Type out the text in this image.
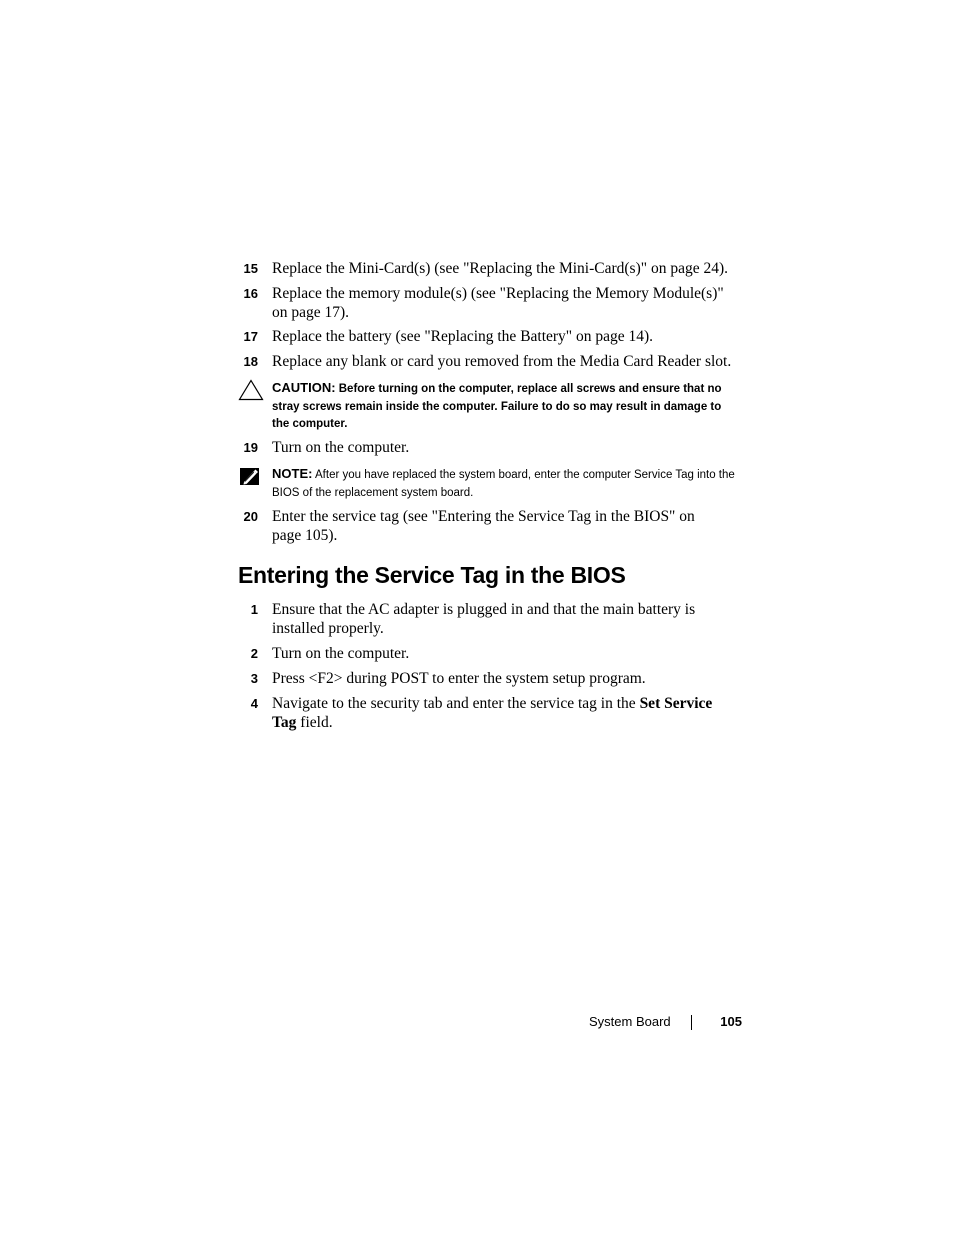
15 Replace the Mini-Card(s) (see "Replacing the Mini-Card(s)" on page 24).
16 Replace the memory module(s) (see "Replacing the Memory Module(s)" on page 17).
17 Replace the battery (see "Replacing the Battery" on page 14).
18 Replace any blank or card you removed from the Media Card Reader slot.
CAUTION: Before turning on the computer, replace all screws and ensure that no stray screws remain inside the computer. Failure to do so may result in damage to the computer.
19 Turn on the computer.
NOTE: After you have replaced the system board, enter the computer Service Tag into the BIOS of the replacement system board.
20 Enter the service tag (see "Entering the Service Tag in the BIOS" on page 105).
Entering the Service Tag in the BIOS
1 Ensure that the AC adapter is plugged in and that the main battery is installed properly.
2 Turn on the computer.
3 Press <F2> during POST to enter the system setup program.
4 Navigate to the security tab and enter the service tag in the Set Service Tag field.
System Board	105
